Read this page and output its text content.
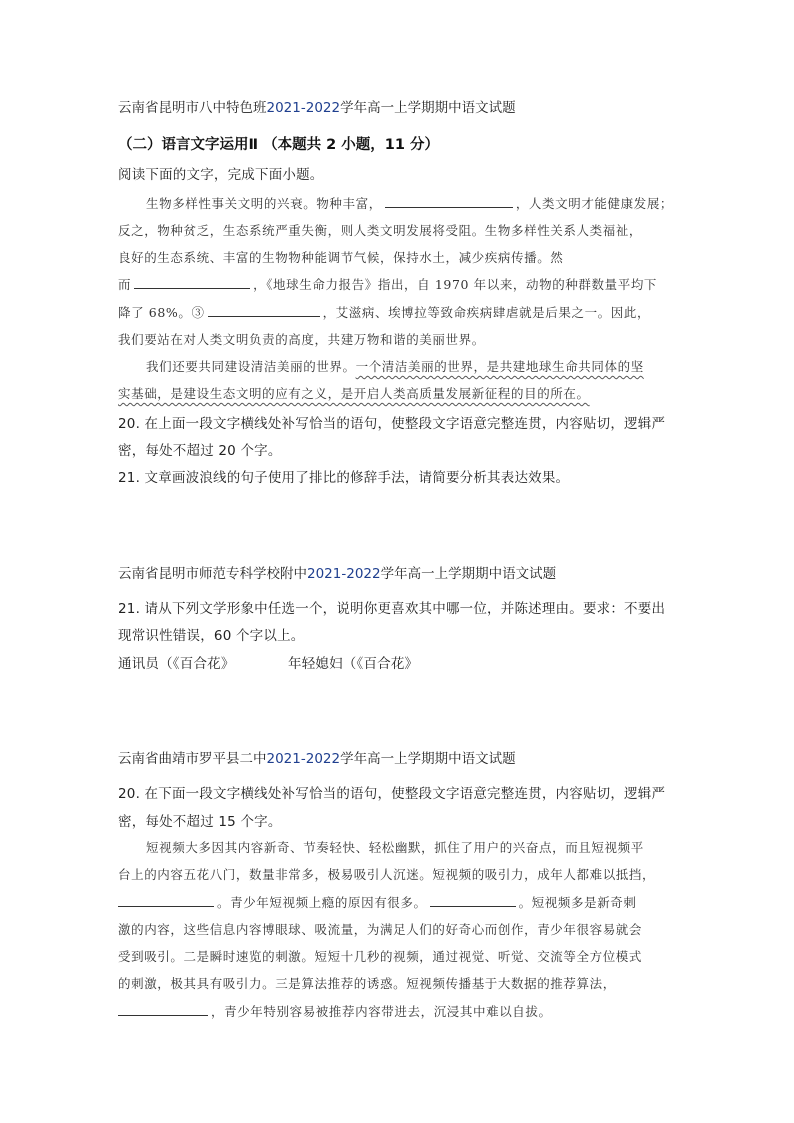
云南省昆明市八中特色班2021-2022学年高一上学期期中语文试题
（二）语言文字运用Ⅱ （本题共 2 小题，11 分）
阅读下面的文字，完成下面小题。
生物多样性事关文明的兴衰。物种丰富，	，人类文明才能健康发展；
反之，物种贫乏，生态系统严重失衡，则人类文明发展将受阻。生物多样性关系人类福祉，
良好的生态系统、丰富的生物物种能调节气候，保持水土，减少疾病传播。然
而	，《地球生命力报告》指出，自 1970 年以来，动物的种群数量平均下
降了 68%。③	，艾滋病、埃博拉等致命疾病肆虐就是后果之一。因此，
我们要站在对人类文明负责的高度，共建万物和谐的美丽世界。
我们还要共同建设清洁美丽的世界。一个清洁美丽的世界，是共建地球生命共同体的坚
实基础，是建设生态文明的应有之义，是开启人类高质量发展新征程的目的所在。
20. 在上面一段文字横线处补写恰当的语句，使整段文字语意完整连贯，内容贴切，逻辑严
密，每处不超过 20 个字。
21. 文章画波浪线的句子使用了排比的修辞手法，请简要分析其表达效果。
云南省昆明市师范专科学校附中2021-2022学年高一上学期期中语文试题
21. 请从下列文学形象中任选一个，说明你更喜欢其中哪一位，并陈述理由。要求：不要出
现常识性错误，60 个字以上。
通讯员（《百合花》	年轻媳妇（《百合花》
云南省曲靖市罗平县二中2021-2022学年高一上学期期中语文试题
20. 在下面一段文字横线处补写恰当的语句，使整段文字语意完整连贯，内容贴切，逻辑严
密，每处不超过 15 个字。
短视频大多因其内容新奇、节奏轻快、轻松幽默，抓住了用户的兴奋点，而且短视频平
台上的内容五花八门，数量非常多，极易吸引人沉迷。短视频的吸引力，成年人都难以抵挡，
。青少年短视频上瘾的原因有很多。	。短视频多是新奇刺
激的内容，这些信息内容博眼球、吸流量，为满足人们的好奇心而创作，青少年很容易就会
受到吸引。二是瞬时速览的刺激。短短十几秒的视频，通过视觉、听觉、交流等全方位模式
的刺激，极其具有吸引力。三是算法推荐的诱惑。短视频传播基于大数据的推荐算法，
，青少年特别容易被推荐内容带进去，沉浸其中难以自拔。
